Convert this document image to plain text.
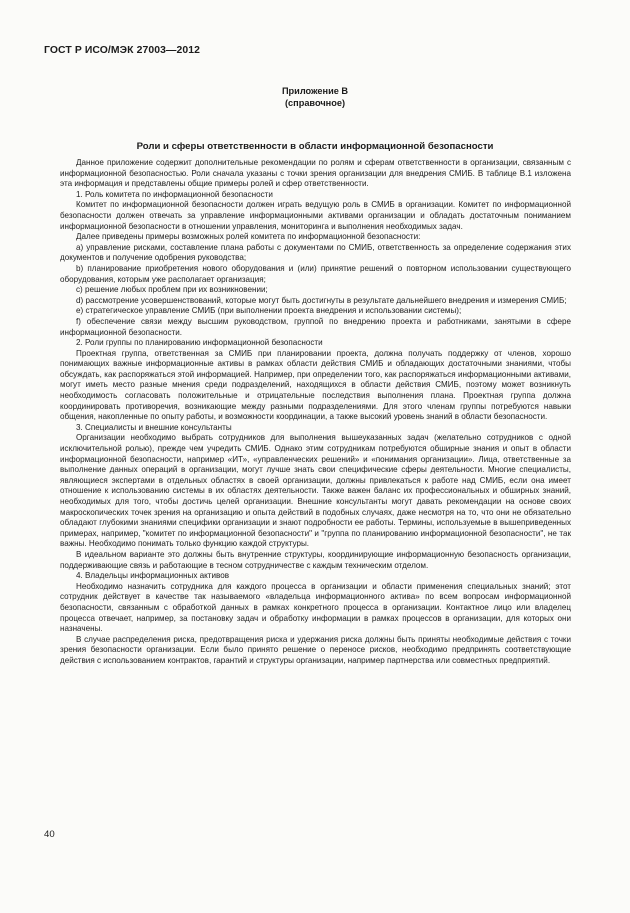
ГОСТ Р ИСО/МЭК 27003—2012
Приложение В
(справочное)
Роли и сферы ответственности в области информационной безопасности

Данное приложение содержит дополнительные рекомендации по ролям и сферам ответственности в организации, связанным с информационной безопасностью. Роли сначала указаны с точки зрения организации для внедрения СМИБ. В таблице В.1 изложена эта информация и представлены общие примеры ролей и сфер ответственности.

1. Роль комитета по информационной безопасности

Комитет по информационной безопасности должен играть ведущую роль в СМИБ в организации. Комитет по информационной безопасности должен отвечать за управление информационными активами организации и обладать достаточным пониманием информационной безопасности в отношении управления, мониторинга и выполнения необходимых задач.

Далее приведены примеры возможных ролей комитета по информационной безопасности:

a) управление рисками, составление плана работы с документами по СМИБ, ответственность за определение содержания этих документов и получение одобрения руководства;

b) планирование приобретения нового оборудования и (или) принятие решений о повторном использовании существующего оборудования, которым уже располагает организация;

c) решение любых проблем при их возникновении;

d) рассмотрение усовершенствований, которые могут быть достигнуты в результате дальнейшего внедрения и измерения СМИБ;

e) стратегическое управление СМИБ (при выполнении проекта внедрения и использовании системы);

f) обеспечение связи между высшим руководством, группой по внедрению проекта и работниками, занятыми в сфере информационной безопасности.

2. Роли группы по планированию информационной безопасности

Проектная группа, ответственная за СМИБ при планировании проекта, должна получать поддержку от членов, хорошо понимающих важные информационные активы в рамках области действия СМИБ и обладающих достаточными знаниями, чтобы обсуждать, как распоряжаться этой информацией. Например, при определении того, как распоряжаться информационными активами, могут иметь место разные мнения среди подразделений, находящихся в области действия СМИБ, поэтому может возникнуть необходимость согласовать положительные и отрицательные последствия выполнения плана. Проектная группа должна координировать противоречия, возникающие между разными подразделениями. Для этого членам группы потребуются навыки общения, накопленные по опыту работы, и возможности координации, а также высокий уровень знаний в области безопасности.

3. Специалисты и внешние консультанты

Организации необходимо выбрать сотрудников для выполнения вышеуказанных задач (желательно сотрудников с одной исключительной ролью), прежде чем учредить СМИБ. Однако этим сотрудникам потребуются обширные знания и опыт в области информационной безопасности, например «ИТ», «управленческих решений» и «понимания организации». Лица, ответственные за выполнение данных операций в организации, могут лучше знать свои специфические сферы деятельности. Многие специалисты, являющиеся экспертами в отдельных областях в своей организации, должны привлекаться к работе над СМИБ, если она имеет отношение к использованию системы в их областях деятельности. Также важен баланс их профессиональных и обширных знаний, необходимых для того, чтобы достичь целей организации. Внешние консультанты могут давать рекомендации на основе своих макроскопических точек зрения на организацию и опыта действий в подобных случаях, даже несмотря на то, что они не обязательно обладают глубокими знаниями специфики организации и знают подробности ее работы. Термины, используемые в вышеприведенных примерах, например, "комитет по информационной безопасности" и "группа по планированию информационной безопасности", не так важны. Необходимо понимать только функцию каждой структуры.

В идеальном варианте это должны быть внутренние структуры, координирующие информационную безопасность организации, поддерживающие связь и работающие в тесном сотрудничестве с каждым техническим отделом.

4. Владельцы информационных активов

Необходимо назначить сотрудника для каждого процесса в организации и области применения специальных знаний; этот сотрудник действует в качестве так называемого «владельца информационного актива» по всем вопросам информационной безопасности, связанным с обработкой данных в рамках конкретного процесса в организации. Контактное лицо или владелец процесса отвечает, например, за постановку задач и обработку информации в рамках процессов в организации, для которых они назначены.

В случае распределения риска, предотвращения риска и удержания риска должны быть приняты необходимые действия с точки зрения безопасности организации. Если было принято решение о переносе рисков, необходимо предпринять соответствующие действия с использованием контрактов, гарантий и структуры организации, например партнерства или совместных предприятий.

40
